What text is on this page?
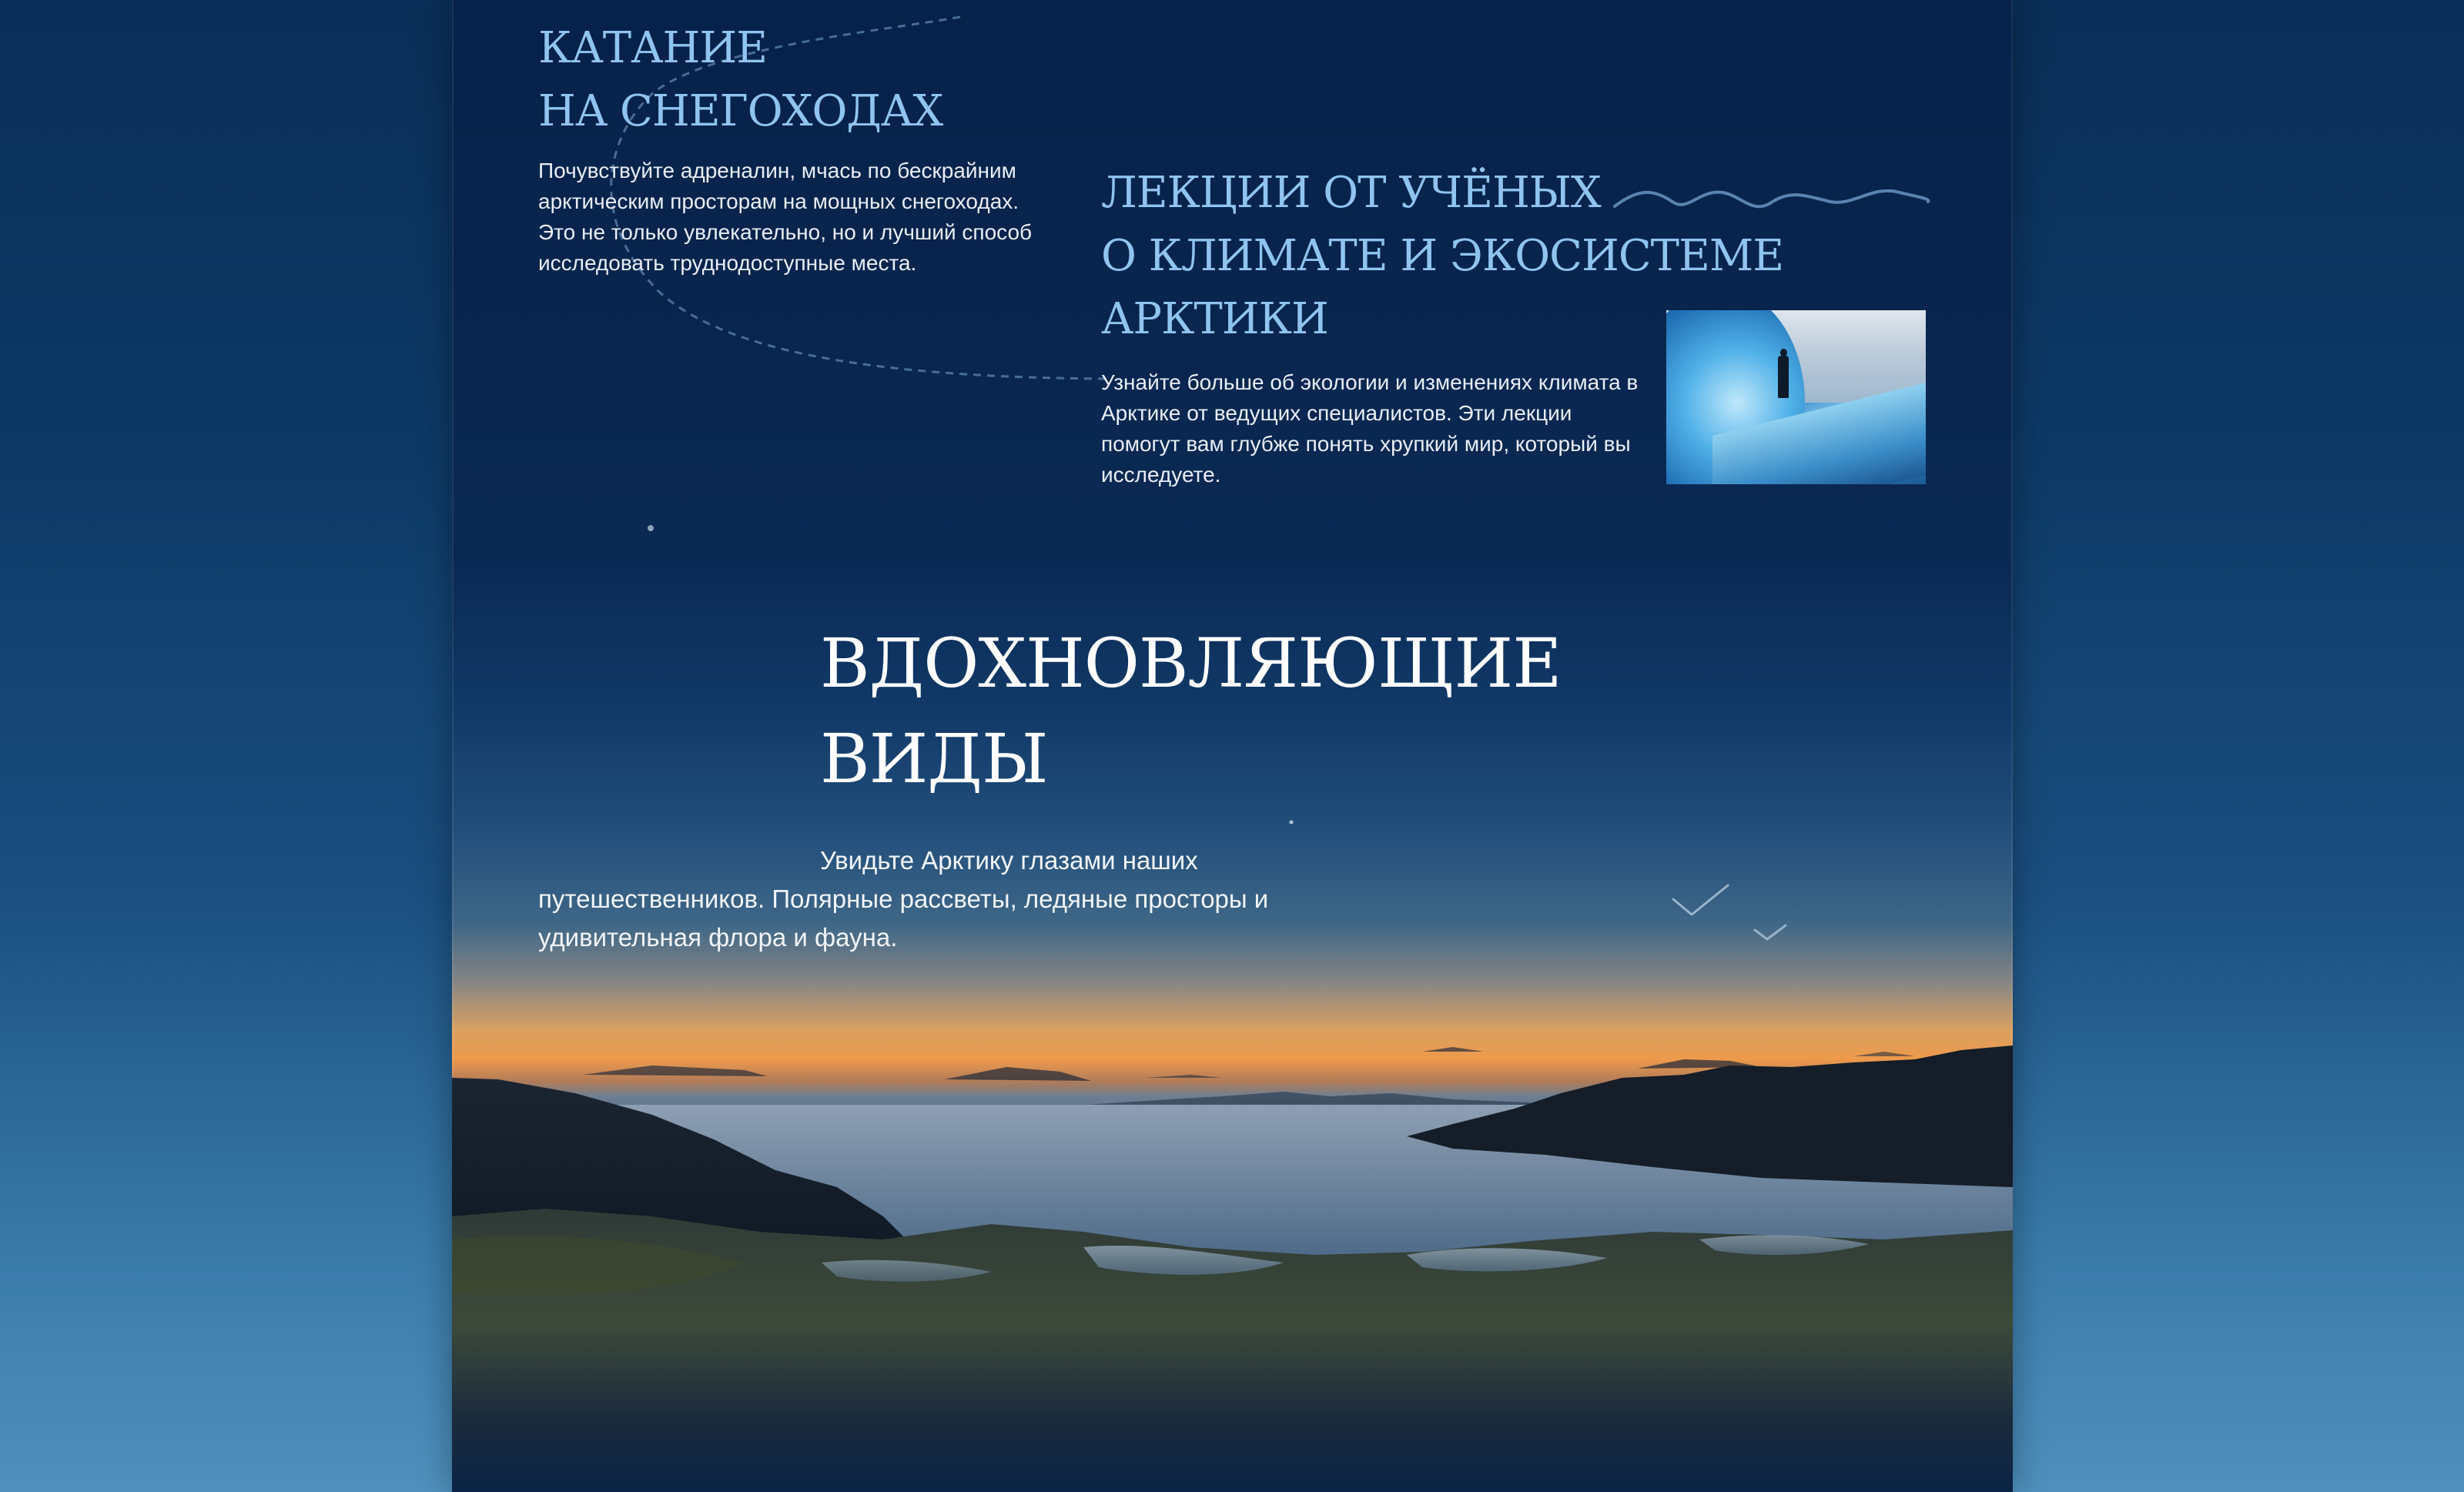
КАТАНИЕ
НА СНЕГОХОДАХ

Почувствуйте адреналин, мчась по бескрайним арктическим просторам на мощных снегоходах. Это не только увлекательно, но и лучший способ исследовать труднодоступные места.

ЛЕКЦИИ ОТ УЧЁНЫХ
О КЛИМАТЕ И ЭКОСИСТЕМЕ
АРКТИКИ

Узнайте больше об экологии и изменениях климата в Арктике от ведущих специалистов. Эти лекции помогут вам глубже понять хрупкий мир, который вы исследуете.

ВДОХНОВЛЯЮЩИЕ
ВИДЫ

Увидьте Арктику глазами наших путешественников. Полярные рассветы, ледяные просторы и удивительная флора и фауна.
